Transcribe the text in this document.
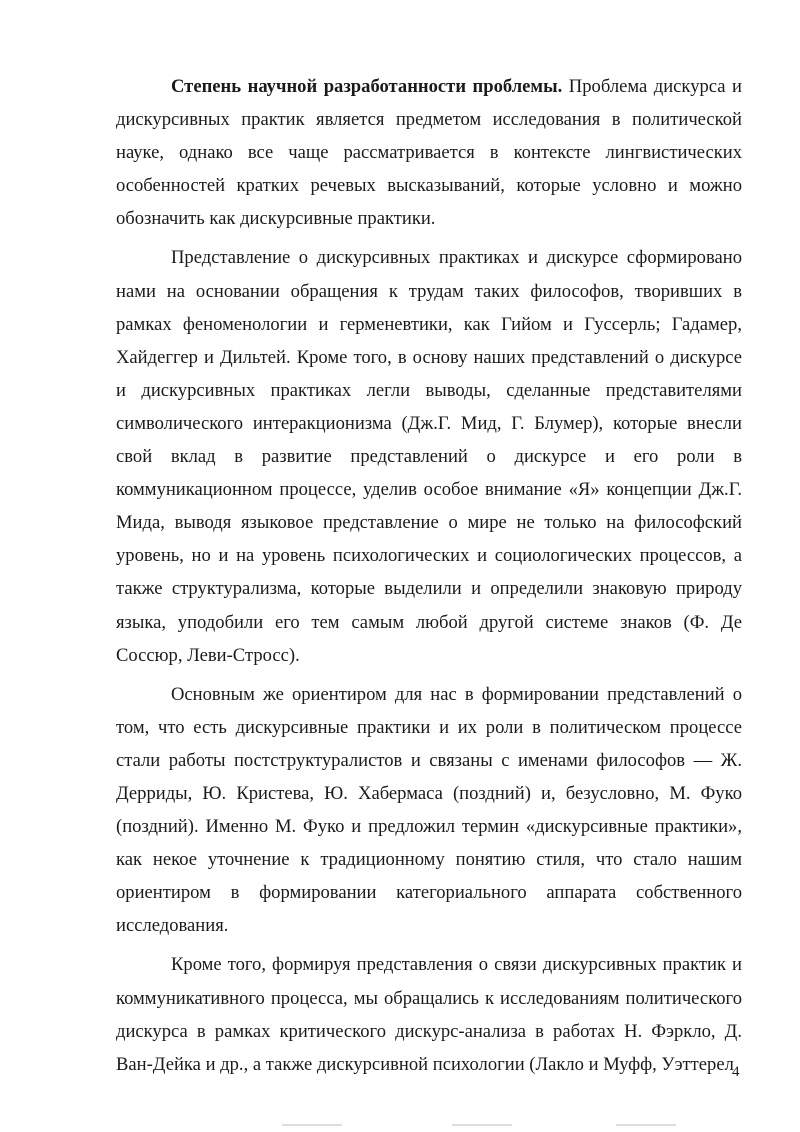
Степень научной разработанности проблемы. Проблема дискурса и дискурсивных практик является предметом исследования в политической науке, однако все чаще рассматривается в контексте лингвистических особенностей кратких речевых высказываний, которые условно и можно обозначить как дискурсивные практики.

Представление о дискурсивных практиках и дискурсе сформировано нами на основании обращения к трудам таких философов, творивших в рамках феноменологии и герменевтики, как Гийом и Гуссерль; Гадамер, Хайдеггер и Дильтей. Кроме того, в основу наших представлений о дискурсе и дискурсивных практиках легли выводы, сделанные представителями символического интеракционизма (Дж.Г. Мид, Г. Блумер), которые внесли свой вклад в развитие представлений о дискурсе и его роли в коммуникационном процессе, уделив особое внимание «Я» концепции Дж.Г. Мида, выводя языковое представление о мире не только на философский уровень, но и на уровень психологических и социологических процессов, а также структурализма, которые выделили и определили знаковую природу языка, уподобили его тем самым любой другой системе знаков (Ф. Де Соссюр, Леви-Стросс).

Основным же ориентиром для нас в формировании представлений о том, что есть дискурсивные практики и их роли в политическом процессе стали работы постструктуралистов и связаны с именами философов — Ж. Дерриды, Ю. Кристева, Ю. Хабермаса (поздний) и, безусловно, М. Фуко (поздний). Именно М. Фуко и предложил термин «дискурсивные практики», как некое уточнение к традиционному понятию стиля, что стало нашим ориентиром в формировании категориального аппарата собственного исследования.

Кроме того, формируя представления о связи дискурсивных практик и коммуникативного процесса, мы обращались к исследованиям политического дискурса в рамках критического дискурс-анализа в работах Н. Фэркло, Д. Ван-Дейка и др., а также дискурсивной психологии (Лакло и Муфф, Уэттерел

4
